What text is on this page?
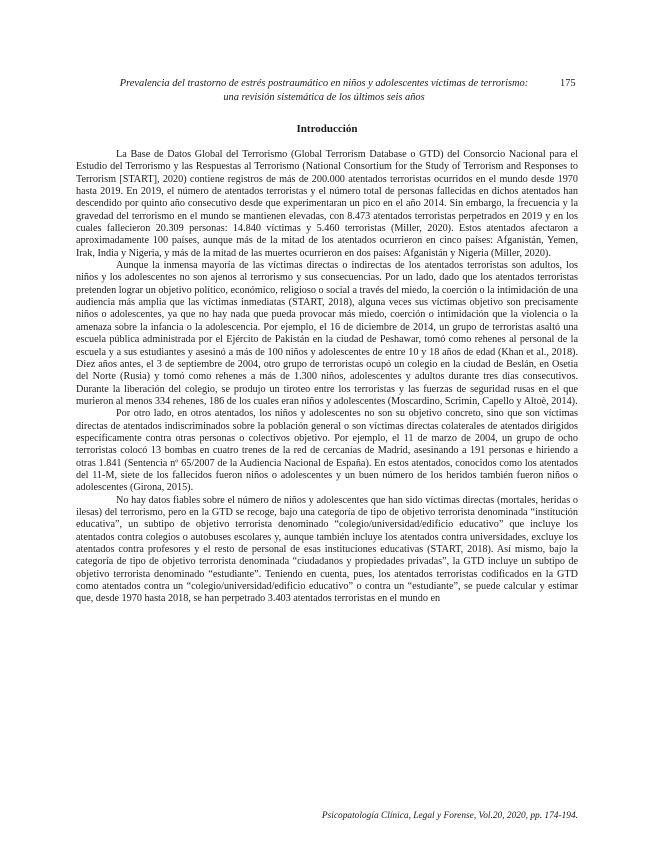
Prevalencia del trastorno de estrés postraumático en niños y adolescentes víctimas de terrorismo:
una revisión sistemática de los últimos seis años
175
Introducción

La Base de Datos Global del Terrorismo (Global Terrorism Database o GTD) del Consorcio Nacional para el Estudio del Terrorismo y las Respuestas al Terrorismo (National Consortium for the Study of Terrorism and Responses to Terrorism [START], 2020) contiene registros de más de 200.000 atentados terroristas ocurridos en el mundo desde 1970 hasta 2019. En 2019, el número de atentados terroristas y el número total de personas fallecidas en dichos atentados han descendido por quinto año consecutivo desde que experimentaran un pico en el año 2014. Sin embargo, la frecuencia y la gravedad del terrorismo en el mundo se mantienen elevadas, con 8.473 atentados terroristas perpetrados en 2019 y en los cuales fallecieron 20.309 personas: 14.840 víctimas y 5.460 terroristas (Miller, 2020). Estos atentados afectaron a aproximadamente 100 países, aunque más de la mitad de los atentados ocurrieron en cinco países: Afganistán, Yemen, Irak, India y Nigeria, y más de la mitad de las muertes ocurrieron en dos países: Afganistán y Nigeria (Miller, 2020).

Aunque la inmensa mayoría de las víctimas directas o indirectas de los atentados terroristas son adultos, los niños y los adolescentes no son ajenos al terrorismo y sus consecuencias. Por un lado, dado que los atentados terroristas pretenden lograr un objetivo político, económico, religioso o social a través del miedo, la coerción o la intimidación de una audiencia más amplia que las víctimas inmediatas (START, 2018), alguna veces sus víctimas objetivo son precisamente niños o adolescentes, ya que no hay nada que pueda provocar más miedo, coerción o intimidación que la violencia o la amenaza sobre la infancia o la adolescencia. Por ejemplo, el 16 de diciembre de 2014, un grupo de terroristas asaltó una escuela pública administrada por el Ejército de Pakistán en la ciudad de Peshawar, tomó como rehenes al personal de la escuela y a sus estudiantes y asesinó a más de 100 niños y adolescentes de entre 10 y 18 años de edad (Khan et al., 2018). Diez años antes, el 3 de septiembre de 2004, otro grupo de terroristas ocupó un colegio en la ciudad de Beslán, en Osetia del Norte (Rusia) y tomó como rehenes a más de 1.300 niños, adolescentes y adultos durante tres días consecutivos. Durante la liberación del colegio, se produjo un tiroteo entre los terroristas y las fuerzas de seguridad rusas en el que murieron al menos 334 rehenes, 186 de los cuales eran niños y adolescentes (Moscardino, Scrimin, Capello y Altoè, 2014).

Por otro lado, en otros atentados, los niños y adolescentes no son su objetivo concreto, sino que son víctimas directas de atentados indiscriminados sobre la población general o son víctimas directas colaterales de atentados dirigidos específicamente contra otras personas o colectivos objetivo. Por ejemplo, el 11 de marzo de 2004, un grupo de ocho terroristas colocó 13 bombas en cuatro trenes de la red de cercanías de Madrid, asesinando a 191 personas e hiriendo a otras 1.841 (Sentencia nº 65/2007 de la Audiencia Nacional de España). En estos atentados, conocidos como los atentados del 11-M, siete de los fallecidos fueron niños o adolescentes y un buen número de los heridos también fueron niños o adolescentes (Girona, 2015).

No hay datos fiables sobre el número de niños y adolescentes que han sido víctimas directas (mortales, heridas o ilesas) del terrorismo, pero en la GTD se recoge, bajo una categoría de tipo de objetivo terrorista denominada “institución educativa”, un subtipo de objetivo terrorista denominado “colegio/universidad/edificio educativo” que incluye los atentados contra colegios o autobuses escolares y, aunque también incluye los atentados contra universidades, excluye los atentados contra profesores y el resto de personal de esas instituciones educativas (START, 2018). Así mismo, bajo la categoría de tipo de objetivo terrorista denominada “ciudadanos y propiedades privadas”, la GTD incluye un subtipo de objetivo terrorista denominado “estudiante”. Teniendo en cuenta, pues, los atentados terroristas codificados en la GTD como atentados contra un “colegio/universidad/edificio educativo” o contra un “estudiante”, se puede calcular y estimar que, desde 1970 hasta 2018, se han perpetrado 3.403 atentados terroristas en el mundo en

Psicopatología Clínica, Legal y Forense, Vol.20, 2020, pp. 174-194.
